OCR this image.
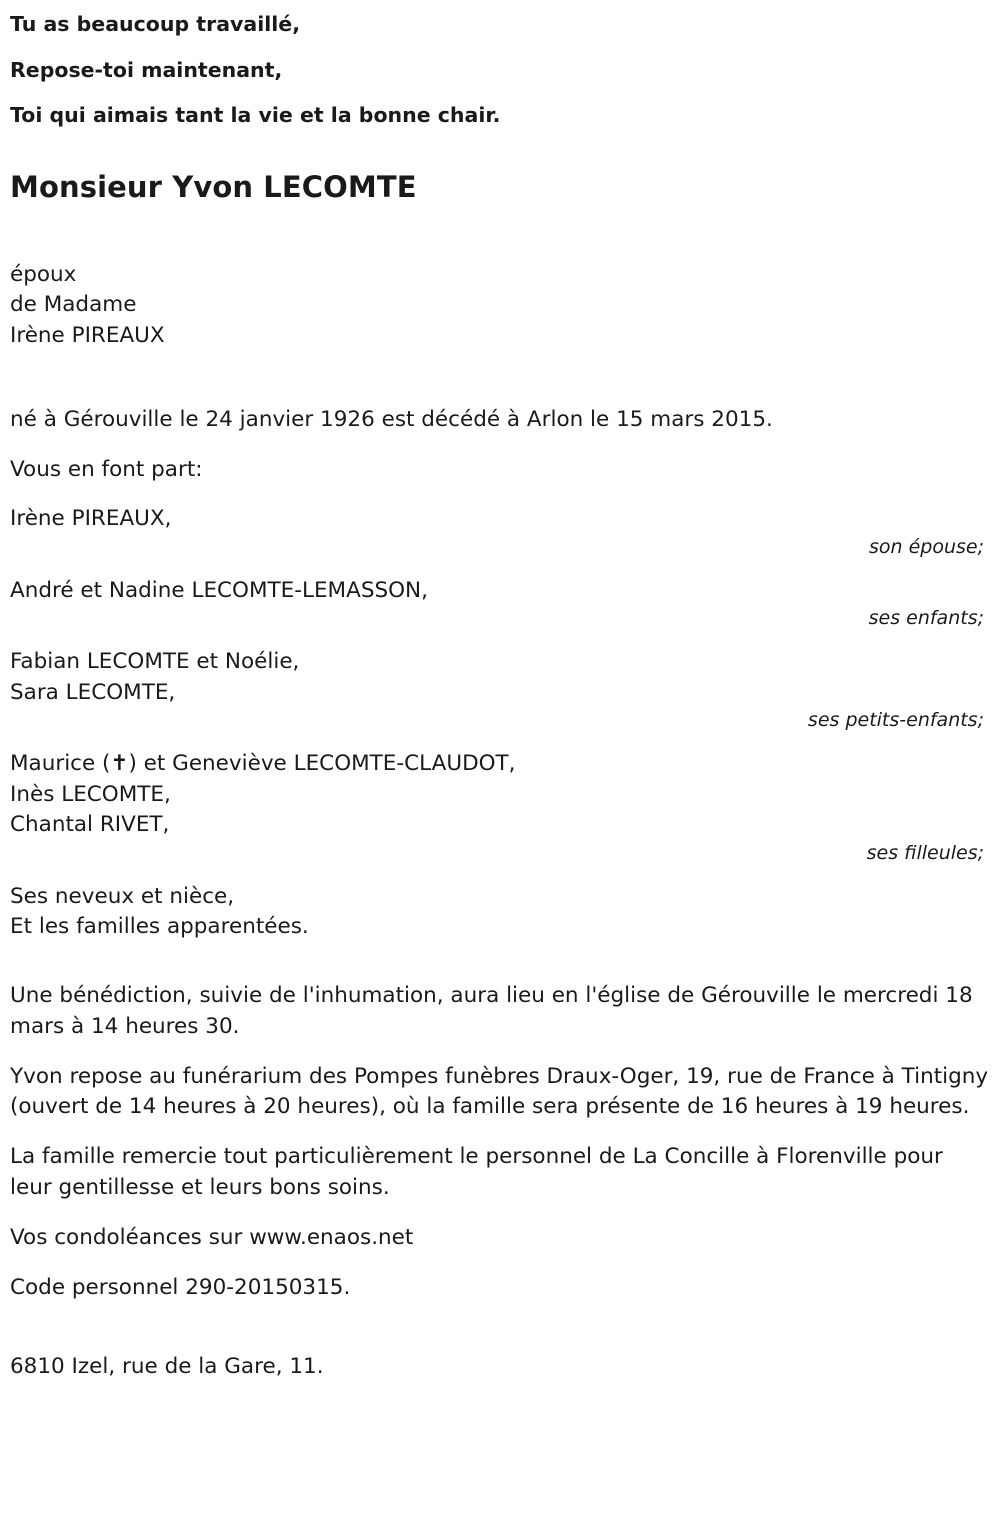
Tu as beaucoup travaillé,
Repose-toi maintenant,
Toi qui aimais tant la vie et la bonne chair.
Monsieur Yvon LECOMTE
époux
de Madame
Irène PIREAUX
né à Gérouville le 24 janvier 1926 est décédé à Arlon le 15 mars 2015.
Vous en font part:
Irène PIREAUX,
son épouse;
André et Nadine LECOMTE-LEMASSON,
ses enfants;
Fabian LECOMTE et Noélie,
Sara LECOMTE,
ses petits-enfants;
Maurice (✝) et Geneviève LECOMTE-CLAUDOT,
Inès LECOMTE,
Chantal RIVET,
ses filleules;
Ses neveux et nièce,
Et les familles apparentées.

Une bénédiction, suivie de l'inhumation, aura lieu en l'église de Gérouville le mercredi 18 mars à 14 heures 30.

Yvon repose au funérarium des Pompes funèbres Draux-Oger, 19, rue de France à Tintigny (ouvert de 14 heures à 20 heures), où la famille sera présente de 16 heures à 19 heures.

La famille remercie tout particulièrement le personnel de La Concille à Florenville pour leur gentillesse et leurs bons soins.

Vos condoléances sur www.enaos.net

Code personnel 290-20150315.

6810 Izel, rue de la Gare, 11.
